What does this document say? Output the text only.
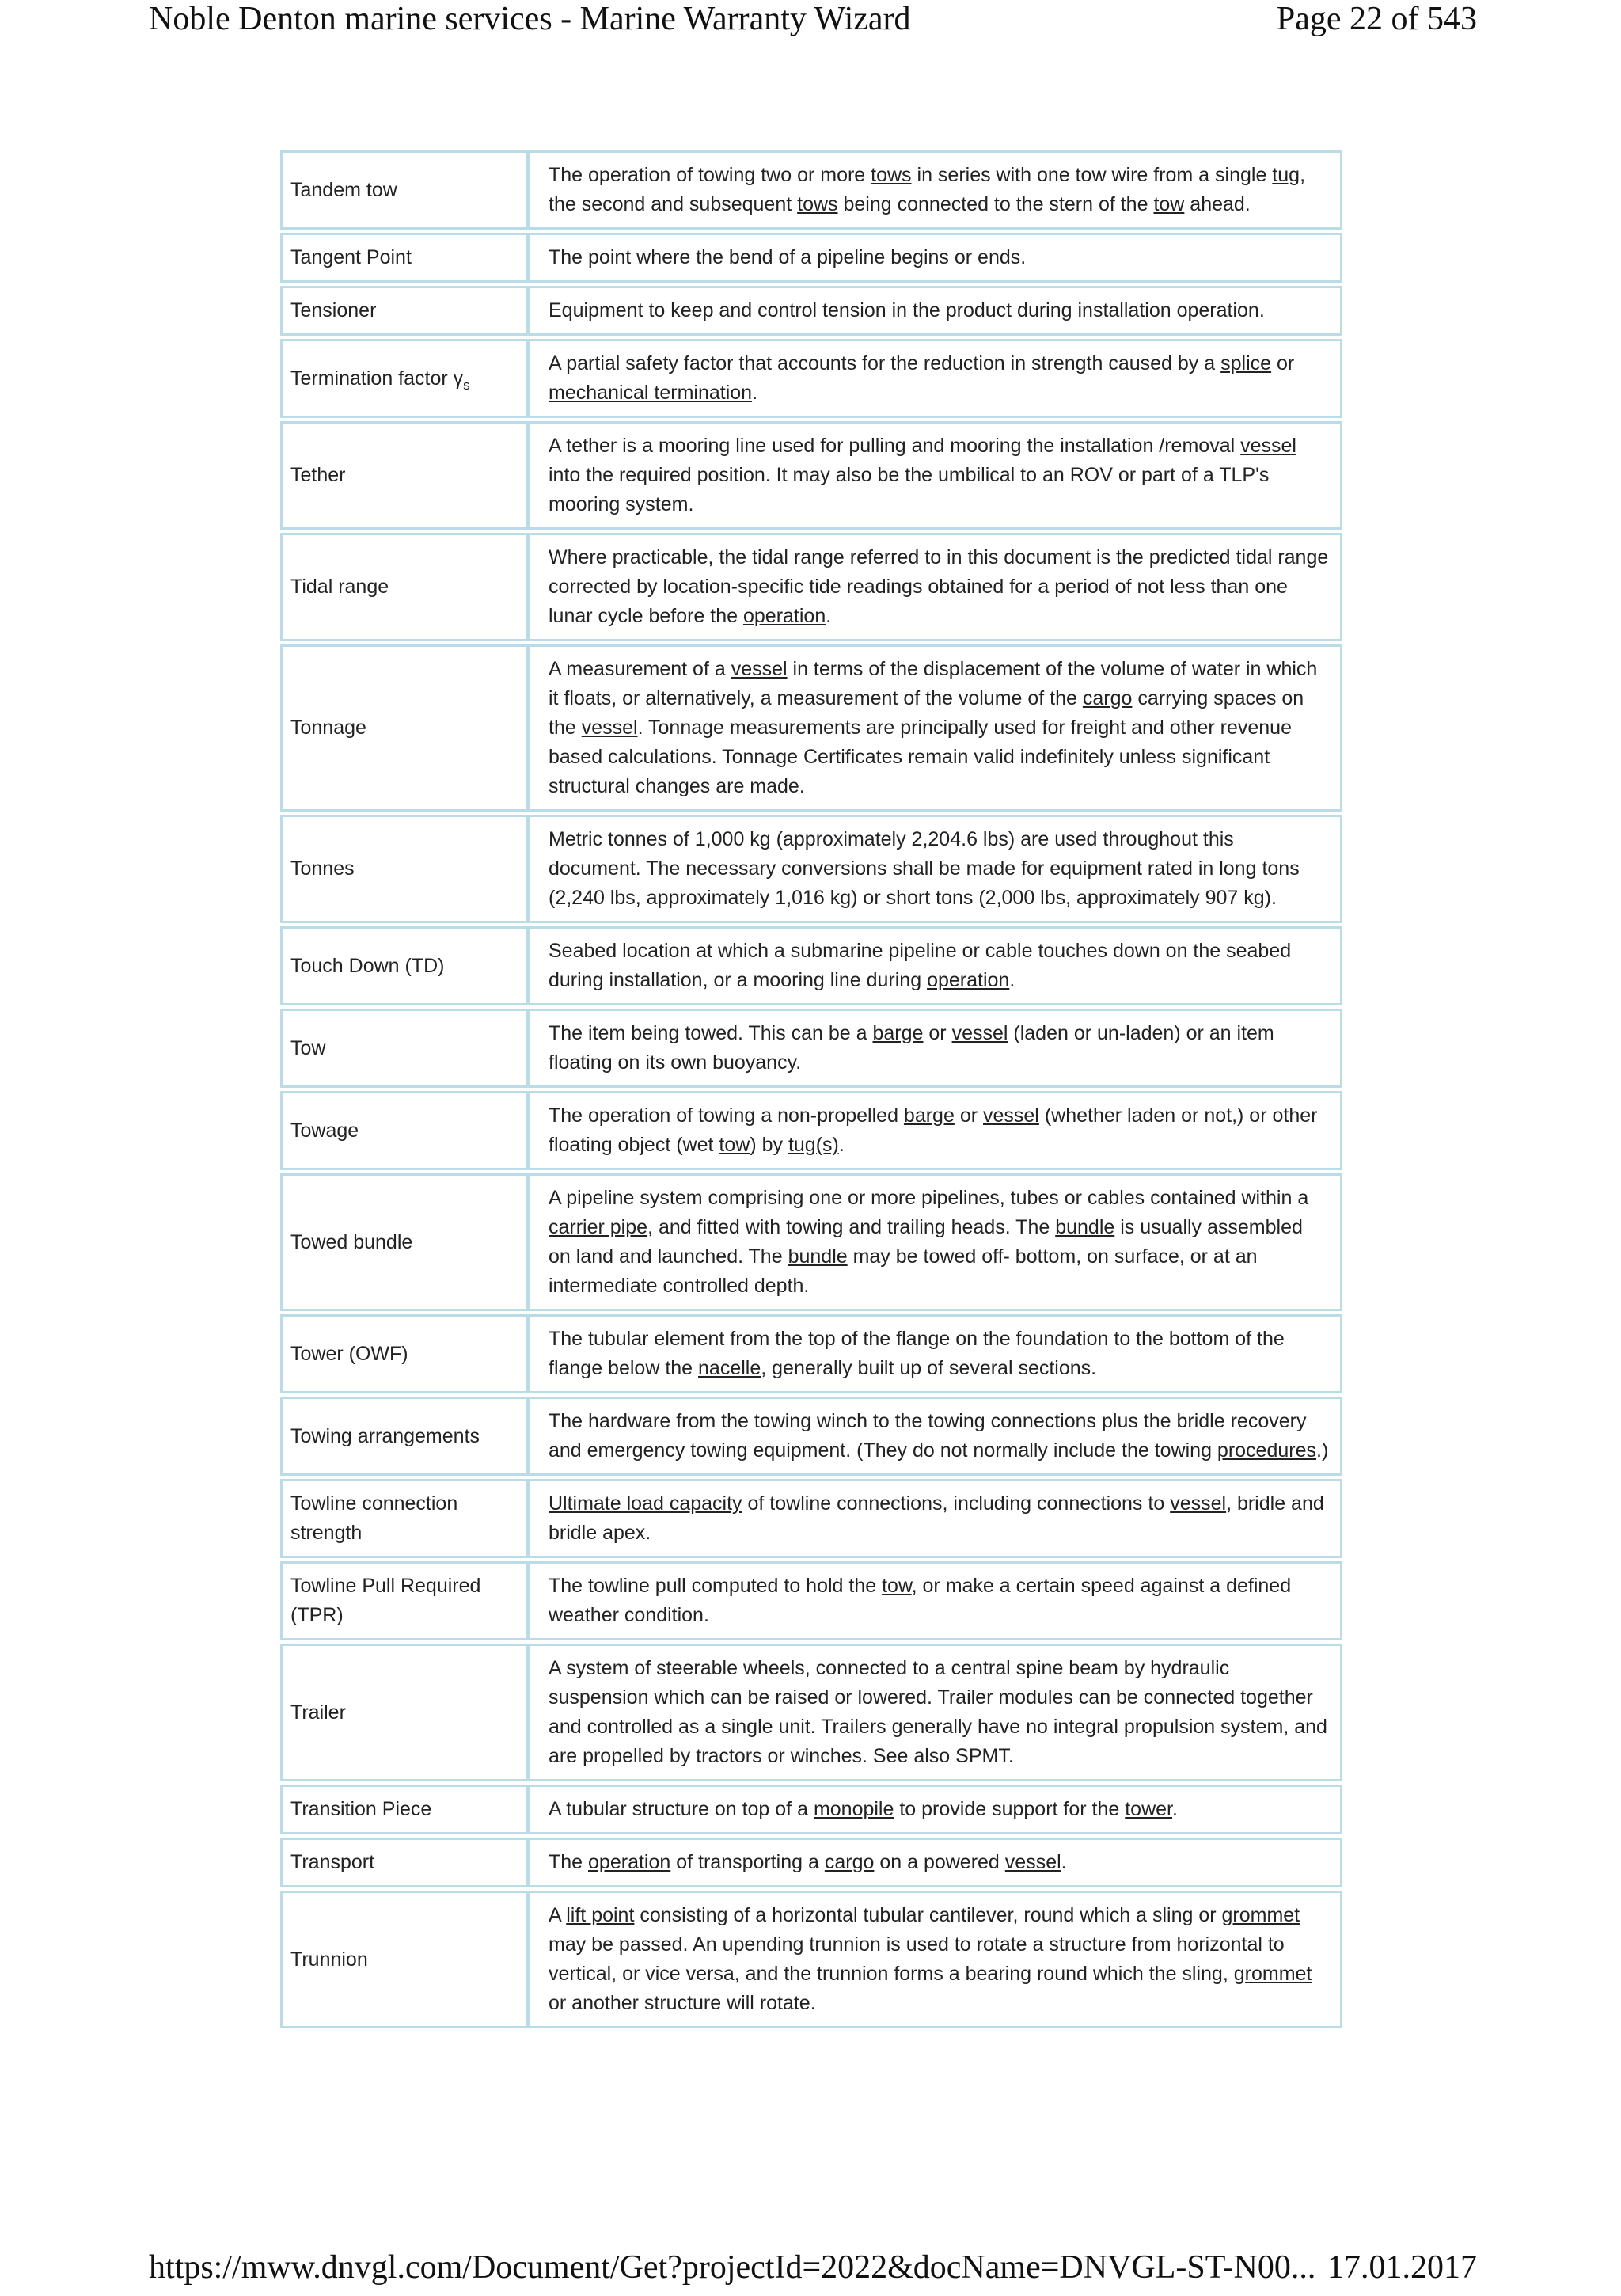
Noble Denton marine services - Marine Warranty Wizard	Page 22 of 543
Tandem tow	The operation of towing two or more tows in series with one tow wire from a single tug, the second and subsequent tows being connected to the stern of the tow ahead.
Tangent Point	The point where the bend of a pipeline begins or ends.
Tensioner	Equipment to keep and control tension in the product during installation operation.
Termination factor $\gamma_s$	A partial safety factor that accounts for the reduction in strength caused by a splice or mechanical termination.
Tether	A tether is a mooring line used for pulling and mooring the installation /removal vessel into the required position. It may also be the umbilical to an ROV or part of a TLP's mooring system.
Tidal range	Where practicable, the tidal range referred to in this document is the predicted tidal range corrected by location-specific tide readings obtained for a period of not less than one lunar cycle before the operation.
Tonnage	A measurement of a vessel in terms of the displacement of the volume of water in which it floats, or alternatively, a measurement of the volume of the cargo carrying spaces on the vessel. Tonnage measurements are principally used for freight and other revenue based calculations. Tonnage Certificates remain valid indefinitely unless significant structural changes are made.
Tonnes	Metric tonnes of 1,000 kg (approximately 2,204.6 lbs) are used throughout this document. The necessary conversions shall be made for equipment rated in long tons (2,240 lbs, approximately 1,016 kg) or short tons (2,000 lbs, approximately 907 kg).
Touch Down (TD)	Seabed location at which a submarine pipeline or cable touches down on the seabed during installation, or a mooring line during operation.
Tow	The item being towed. This can be a barge or vessel (laden or un-laden) or an item floating on its own buoyancy.
Towage	The operation of towing a non-propelled barge or vessel (whether laden or not,) or other floating object (wet tow) by tug(s).
Towed bundle	A pipeline system comprising one or more pipelines, tubes or cables contained within a carrier pipe, and fitted with towing and trailing heads. The bundle is usually assembled on land and launched. The bundle may be towed off- bottom, on surface, or at an intermediate controlled depth.
Tower (OWF)	The tubular element from the top of the flange on the foundation to the bottom of the flange below the nacelle, generally built up of several sections.
Towing arrangements	The hardware from the towing winch to the towing connections plus the bridle recovery and emergency towing equipment. (They do not normally include the towing procedures.)
Towline connection strength	Ultimate load capacity of towline connections, including connections to vessel, bridle and bridle apex.
Towline Pull Required (TPR)	The towline pull computed to hold the tow, or make a certain speed against a defined weather condition.
Trailer	A system of steerable wheels, connected to a central spine beam by hydraulic suspension which can be raised or lowered. Trailer modules can be connected together and controlled as a single unit. Trailers generally have no integral propulsion system, and are propelled by tractors or winches. See also SPMT.
Transition Piece	A tubular structure on top of a monopile to provide support for the tower.
Transport	The operation of transporting a cargo on a powered vessel.
Trunnion	A lift point consisting of a horizontal tubular cantilever, round which a sling or grommet may be passed. An upending trunnion is used to rotate a structure from horizontal to vertical, or vice versa, and the trunnion forms a bearing round which the sling, grommet or another structure will rotate.
https://mww.dnvgl.com/Document/Get?projectId=2022&docName=DNVGL-ST-N00... 17.01.2017
